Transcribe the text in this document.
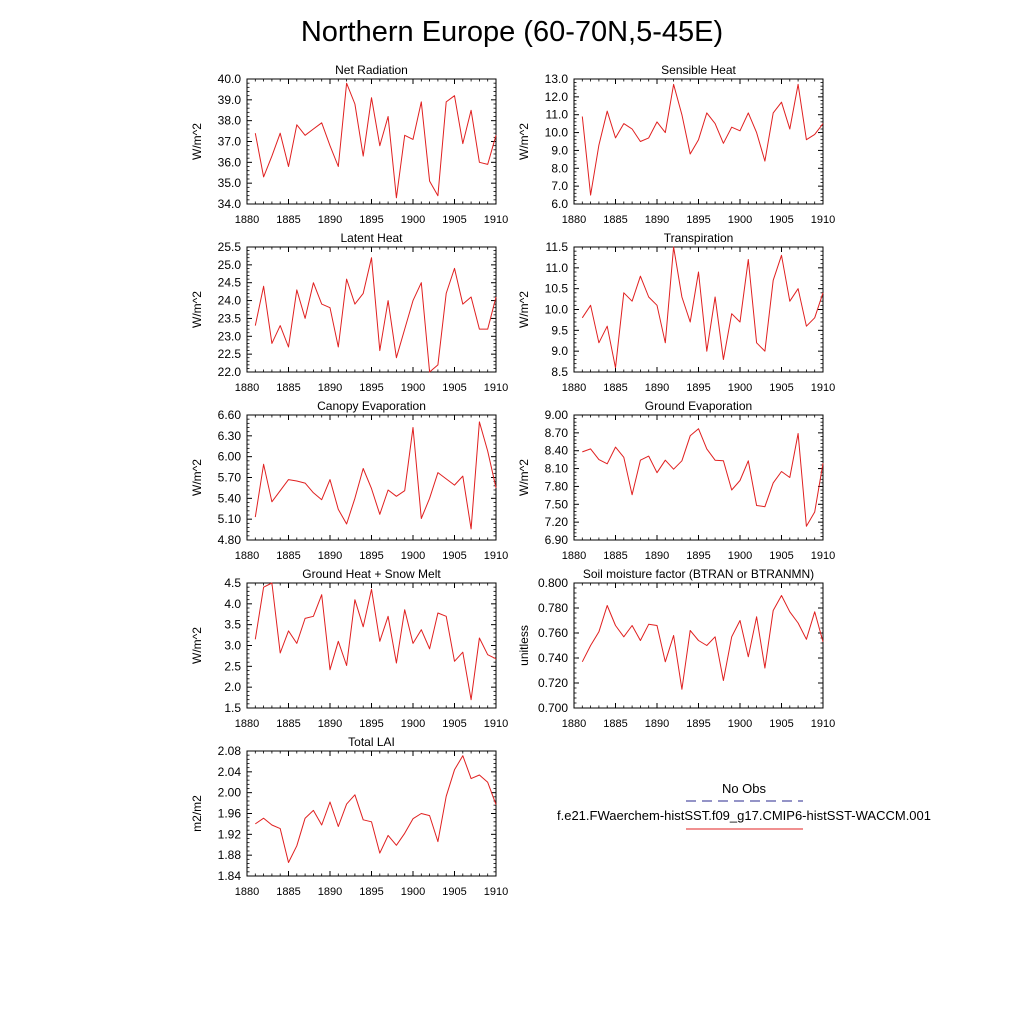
Northern Europe (60-70N,5-45E)
Net Radiation
W/m^2
1880 1885 1890 1895 1900 1905 1910
34.0
35.0
36.0
37.0
38.0
39.0
40.0
Sensible Heat
W/m^2
1880 1885 1890 1895 1900 1905 1910
6.0
7.0
8.0
9.0
10.0
11.0
12.0
13.0
Latent Heat
W/m^2
1880 1885 1890 1895 1900 1905 1910
22.0
22.5
23.0
23.5
24.0
24.5
25.0
25.5
Transpiration
W/m^2
1880 1885 1890 1895 1900 1905 1910
8.5
9.0
9.5
10.0
10.5
11.0
11.5
Canopy Evaporation
W/m^2
1880 1885 1890 1895 1900 1905 1910
4.80
5.10
5.40
5.70
6.00
6.30
6.60
Ground Evaporation
W/m^2
1880 1885 1890 1895 1900 1905 1910
6.90
7.20
7.50
7.80
8.10
8.40
8.70
9.00
Ground Heat + Snow Melt
W/m^2
1880 1885 1890 1895 1900 1905 1910
1.5
2.0
2.5
3.0
3.5
4.0
4.5
Soil moisture factor (BTRAN or BTRANMN)
unitless
1880 1885 1890 1895 1900 1905 1910
0.700
0.720
0.740
0.760
0.780
0.800
Total LAI
m2/m2
1880 1885 1890 1895 1900 1905 1910
1.84
1.88
1.92
1.96
2.00
2.04
2.08
No Obs
f.e21.FWaerchem-histSST.f09_g17.CMIP6-histSST-WACCM.001
